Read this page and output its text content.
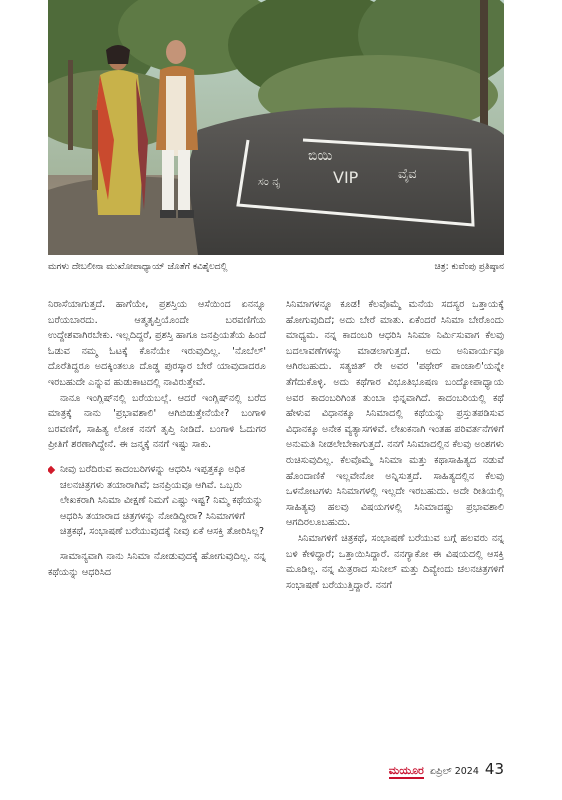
ಬಿಯಿ
ಸಂ ನೃ	VIP	ವೈವ
ಮಗಳು ದೇಬಲೀನಾ ಮುಖೋಪಾಧ್ಯಾಯ್‌ ಜೊತೆಗೆ ಕವಿಶೈಲದಲ್ಲಿ	ಚಿತ್ರ: ಕುವೆಂಪು ಪ್ರತಿಷ್ಠಾನ

ನಿರಾಸೆಯಾಗುತ್ತದೆ. ಹಾಗೆಯೇ, ಪ್ರಶಸ್ತಿಯ ಆಸೆಯಿಂದ ಏನನ್ನೂ ಬರೆಯಬಾರದು. ಆತ್ಮತೃಪ್ತಿಯೊಂದೇ ಬರವಣಿಗೆಯ ಉದ್ದೇಶವಾಗಿರಬೇಕು. ಇಲ್ಲದಿದ್ದರೆ, ಪ್ರಶಸ್ತಿ ಹಾಗೂ ಜನಪ್ರಿಯತೆಯ ಹಿಂದೆ ಓಡುವ ನಮ್ಮ ಓಟಕ್ಕೆ ಕೊನೆಯೇ ಇರುವುದಿಲ್ಲ. 'ನೊಬೆಲ್‌' ದೊರೆತಿದ್ದರೂ ಅದಕ್ಕಿಂತಲೂ ದೊಡ್ಡ ಪುರಸ್ಕಾರ ಬೇರೆ ಯಾವುದಾದರೂ ಇರಬಹುದೇ ಎನ್ನುವ ಹುಡುಕಾಟದಲ್ಲಿ ನಾವಿರುತ್ತೇವೆ.

ನಾನೂ ಇಂಗ್ಲಿಷ್‌ನಲ್ಲಿ ಬರೆಯಬಲ್ಲೆ. ಆದರೆ ಇಂಗ್ಲಿಷ್‌ನಲ್ಲಿ ಬರೆದ ಮಾತ್ರಕ್ಕೆ ನಾನು 'ಪ್ರಭಾವಶಾಲಿ' ಆಗಿಬಿಡುತ್ತೇನೆಯೇ? ಬಂಗಾಳಿ ಬರವಣಿಗೆ, ಸಾಹಿತ್ಯ ಲೋಕ ನನಗೆ ತೃಪ್ತಿ ನೀಡಿದೆ. ಬಂಗಾಳಿ ಓದುಗರ ಪ್ರೀತಿಗೆ ಶರಣಾಗಿದ್ದೇನೆ. ಈ ಜನ್ಮಕ್ಕೆ ನನಗೆ ಇಷ್ಟು ಸಾಕು.

ನೀವು ಬರೆದಿರುವ ಕಾದಂಬರಿಗಳನ್ನು ಆಧರಿಸಿ ಇಪ್ಪತ್ತಕ್ಕೂ ಅಧಿಕ ಚಲನಚಿತ್ರಗಳು ತಯಾರಾಗಿವೆ; ಜನಪ್ರಿಯವೂ ಆಗಿವೆ. ಒಬ್ಬರು ಲೇಖಕರಾಗಿ ಸಿನಿಮಾ ವೀಕ್ಷಣೆ ನಿಮಗೆ ಎಷ್ಟು ಇಷ್ಟ? ನಿಮ್ಮ ಕಥೆಯನ್ನು ಆಧರಿಸಿ ತಯಾರಾದ ಚಿತ್ರಗಳನ್ನು ನೋಡಿದ್ದೀರಾ? ಸಿನಿಮಾಗಳಿಗೆ ಚಿತ್ರಕಥೆ, ಸಂಭಾಷಣೆ ಬರೆಯುವುದಕ್ಕೆ ನೀವು ಏಕೆ ಆಸಕ್ತಿ ತೋರಿಸಿಲ್ಲ?

ಸಾಮಾನ್ಯವಾಗಿ ನಾನು ಸಿನಿಮಾ ನೋಡುವುದಕ್ಕೆ ಹೋಗುವುದಿಲ್ಲ. ನನ್ನ ಕಥೆಯನ್ನು ಆಧರಿಸಿದ

ಸಿನಿಮಾಗಳನ್ನೂ ಕೂಡ! ಕೆಲವೊಮ್ಮೆ ಮನೆಯ ಸದಸ್ಯರ ಒತ್ತಾಯಕ್ಕೆ ಹೋಗುವುದಿದೆ; ಅದು ಬೇರೆ ಮಾತು. ಏಕೆಂದರೆ ಸಿನಿಮಾ ಬೇರೊಂದು ಮಾಧ್ಯಮ. ನನ್ನ ಕಾದಂಬರಿ ಆಧರಿಸಿ ಸಿನಿಮಾ ನಿರ್ಮಿಸುವಾಗ ಕೆಲವು ಬದಲಾವಣೆಗಳನ್ನು ಮಾಡಲಾಗುತ್ತದೆ. ಅದು ಅನಿವಾರ್ಯವೂ ಆಗಿರಬಹುದು. ಸತ್ಯಜಿತ್ ರೇ ಅವರ 'ಪಥೇರ್ ಪಾಂಚಾಲಿ'ಯನ್ನೇ ತೆಗೆದುಕೊಳ್ಳಿ. ಅದು ಕಥೆಗಾರ ವಿಭೂತಿಭೂಷಣ ಬಂದ್ಯೋಪಾಧ್ಯಾಯ ಅವರ ಕಾದಂಬರಿಗಿಂತ ತುಂಬಾ ಭಿನ್ನವಾಗಿದೆ. ಕಾದಂಬರಿಯಲ್ಲಿ ಕಥೆ ಹೇಳುವ ವಿಧಾನಕ್ಕೂ ಸಿನಿಮಾದಲ್ಲಿ ಕಥೆಯನ್ನು ಪ್ರಸ್ತುತಪಡಿಸುವ ವಿಧಾನಕ್ಕೂ ಅನೇಕ ವ್ಯತ್ಯಾಸಗಳಿವೆ. ಲೇಖಕನಾಗಿ ಇಂತಹ ಪರಿವರ್ತನೆಗಳಿಗೆ ಅನುಮತಿ ನೀಡಲೇಬೇಕಾಗುತ್ತದೆ. ನನಗೆ ಸಿನಿಮಾದಲ್ಲಿನ ಕೆಲವು ಅಂಶಗಳು ರುಚಿಸುವುದಿಲ್ಲ. ಕೆಲವೊಮ್ಮೆ ಸಿನಿಮಾ ಮತ್ತು ಕಥಾಸಾಹಿತ್ಯದ ನಡುವೆ ಹೊಂದಾಣಿಕೆ ಇಲ್ಲವೇನೋ ಅನ್ನಿಸುತ್ತದೆ. ಸಾಹಿತ್ಯದಲ್ಲಿನ ಕೆಲವು ಒಳನೋಟಗಳು ಸಿನಿಮಾಗಳಲ್ಲಿ ಇಲ್ಲದೇ ಇರಬಹುದು. ಅದೇ ರೀತಿಯಲ್ಲಿ ಸಾಹಿತ್ಯವು ಹಲವು ವಿಷಯಗಳಲ್ಲಿ ಸಿನಿಮಾದಷ್ಟು ಪ್ರಭಾವಶಾಲಿ ಆಗದಿರಲೂಬಹುದು.

ಸಿನಿಮಾಗಳಿಗೆ ಚಿತ್ರಕಥೆ, ಸಂಭಾಷಣೆ ಬರೆಯುವ ಬಗ್ಗೆ ಹಲವರು ನನ್ನ ಬಳಿ ಕೇಳಿದ್ದಾರೆ; ಒತ್ತಾಯಿಸಿದ್ದಾರೆ. ನನಗ್ಯಾಕೋ ಈ ವಿಷಯದಲ್ಲಿ ಆಸಕ್ತಿ ಮೂಡಿಲ್ಲ. ನನ್ನ ಮಿತ್ರರಾದ ಸುನೀಲ್‌ ಮತ್ತು ದಿವ್ಯೇಂದು ಚಲನಚಿತ್ರಗಳಿಗೆ ಸಂಭಾಷಣೆ ಬರೆಯುತ್ತಿದ್ದಾರೆ. ನನಗೆ

ಮಯೂರ ಏಪ್ರಿಲ್ 2024 43
